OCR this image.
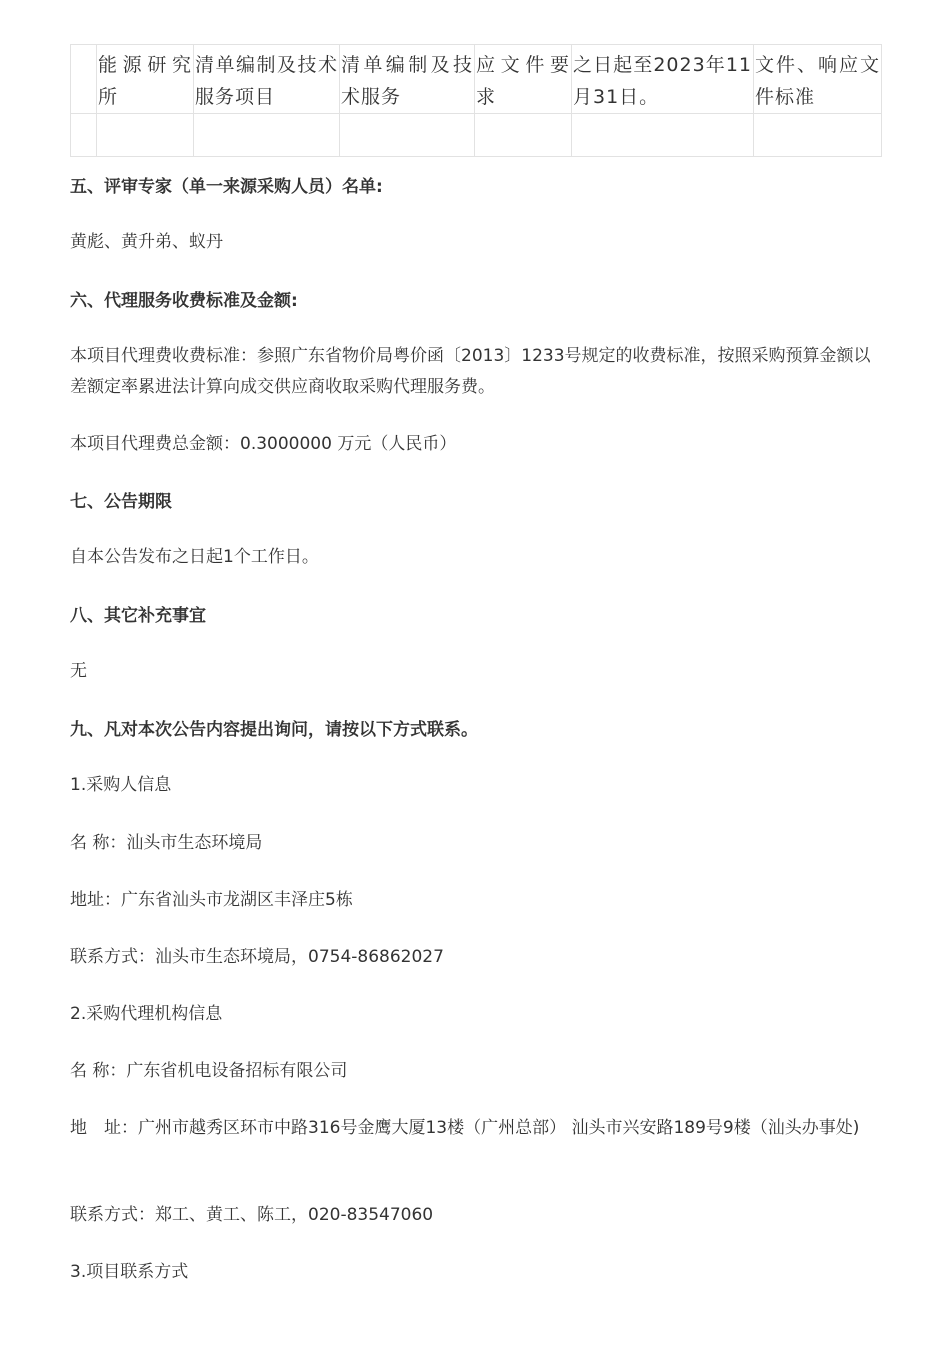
	能源研究所	清单编制及技术服务项目	清单编制及技术服务	应文件要求	之日起至2023年11月31日。	文件、响应文件标准

五、评审专家（单一来源采购人员）名单:
黄彪、黄升弟、蚁丹
六、代理服务收费标准及金额:
本项目代理费收费标准：参照广东省物价局粤价函〔2013〕1233号规定的收费标准，按照采购预算金额以差额定率累进法计算向成交供应商收取采购代理服务费。
本项目代理费总金额：0.3000000 万元（人民币）
七、公告期限
自本公告发布之日起1个工作日。
八、其它补充事宜
无
九、凡对本次公告内容提出询问，请按以下方式联系。
1.采购人信息
名 称：汕头市生态环境局
地址：广东省汕头市龙湖区丰泽庄5栋
联系方式：汕头市生态环境局，0754-86862027
2.采购代理机构信息
名 称：广东省机电设备招标有限公司
地　址：广州市越秀区环市中路316号金鹰大厦13楼（广州总部） 汕头市兴安路189号9楼（汕头办事处)
联系方式：郑工、黄工、陈工，020-83547060
3.项目联系方式
